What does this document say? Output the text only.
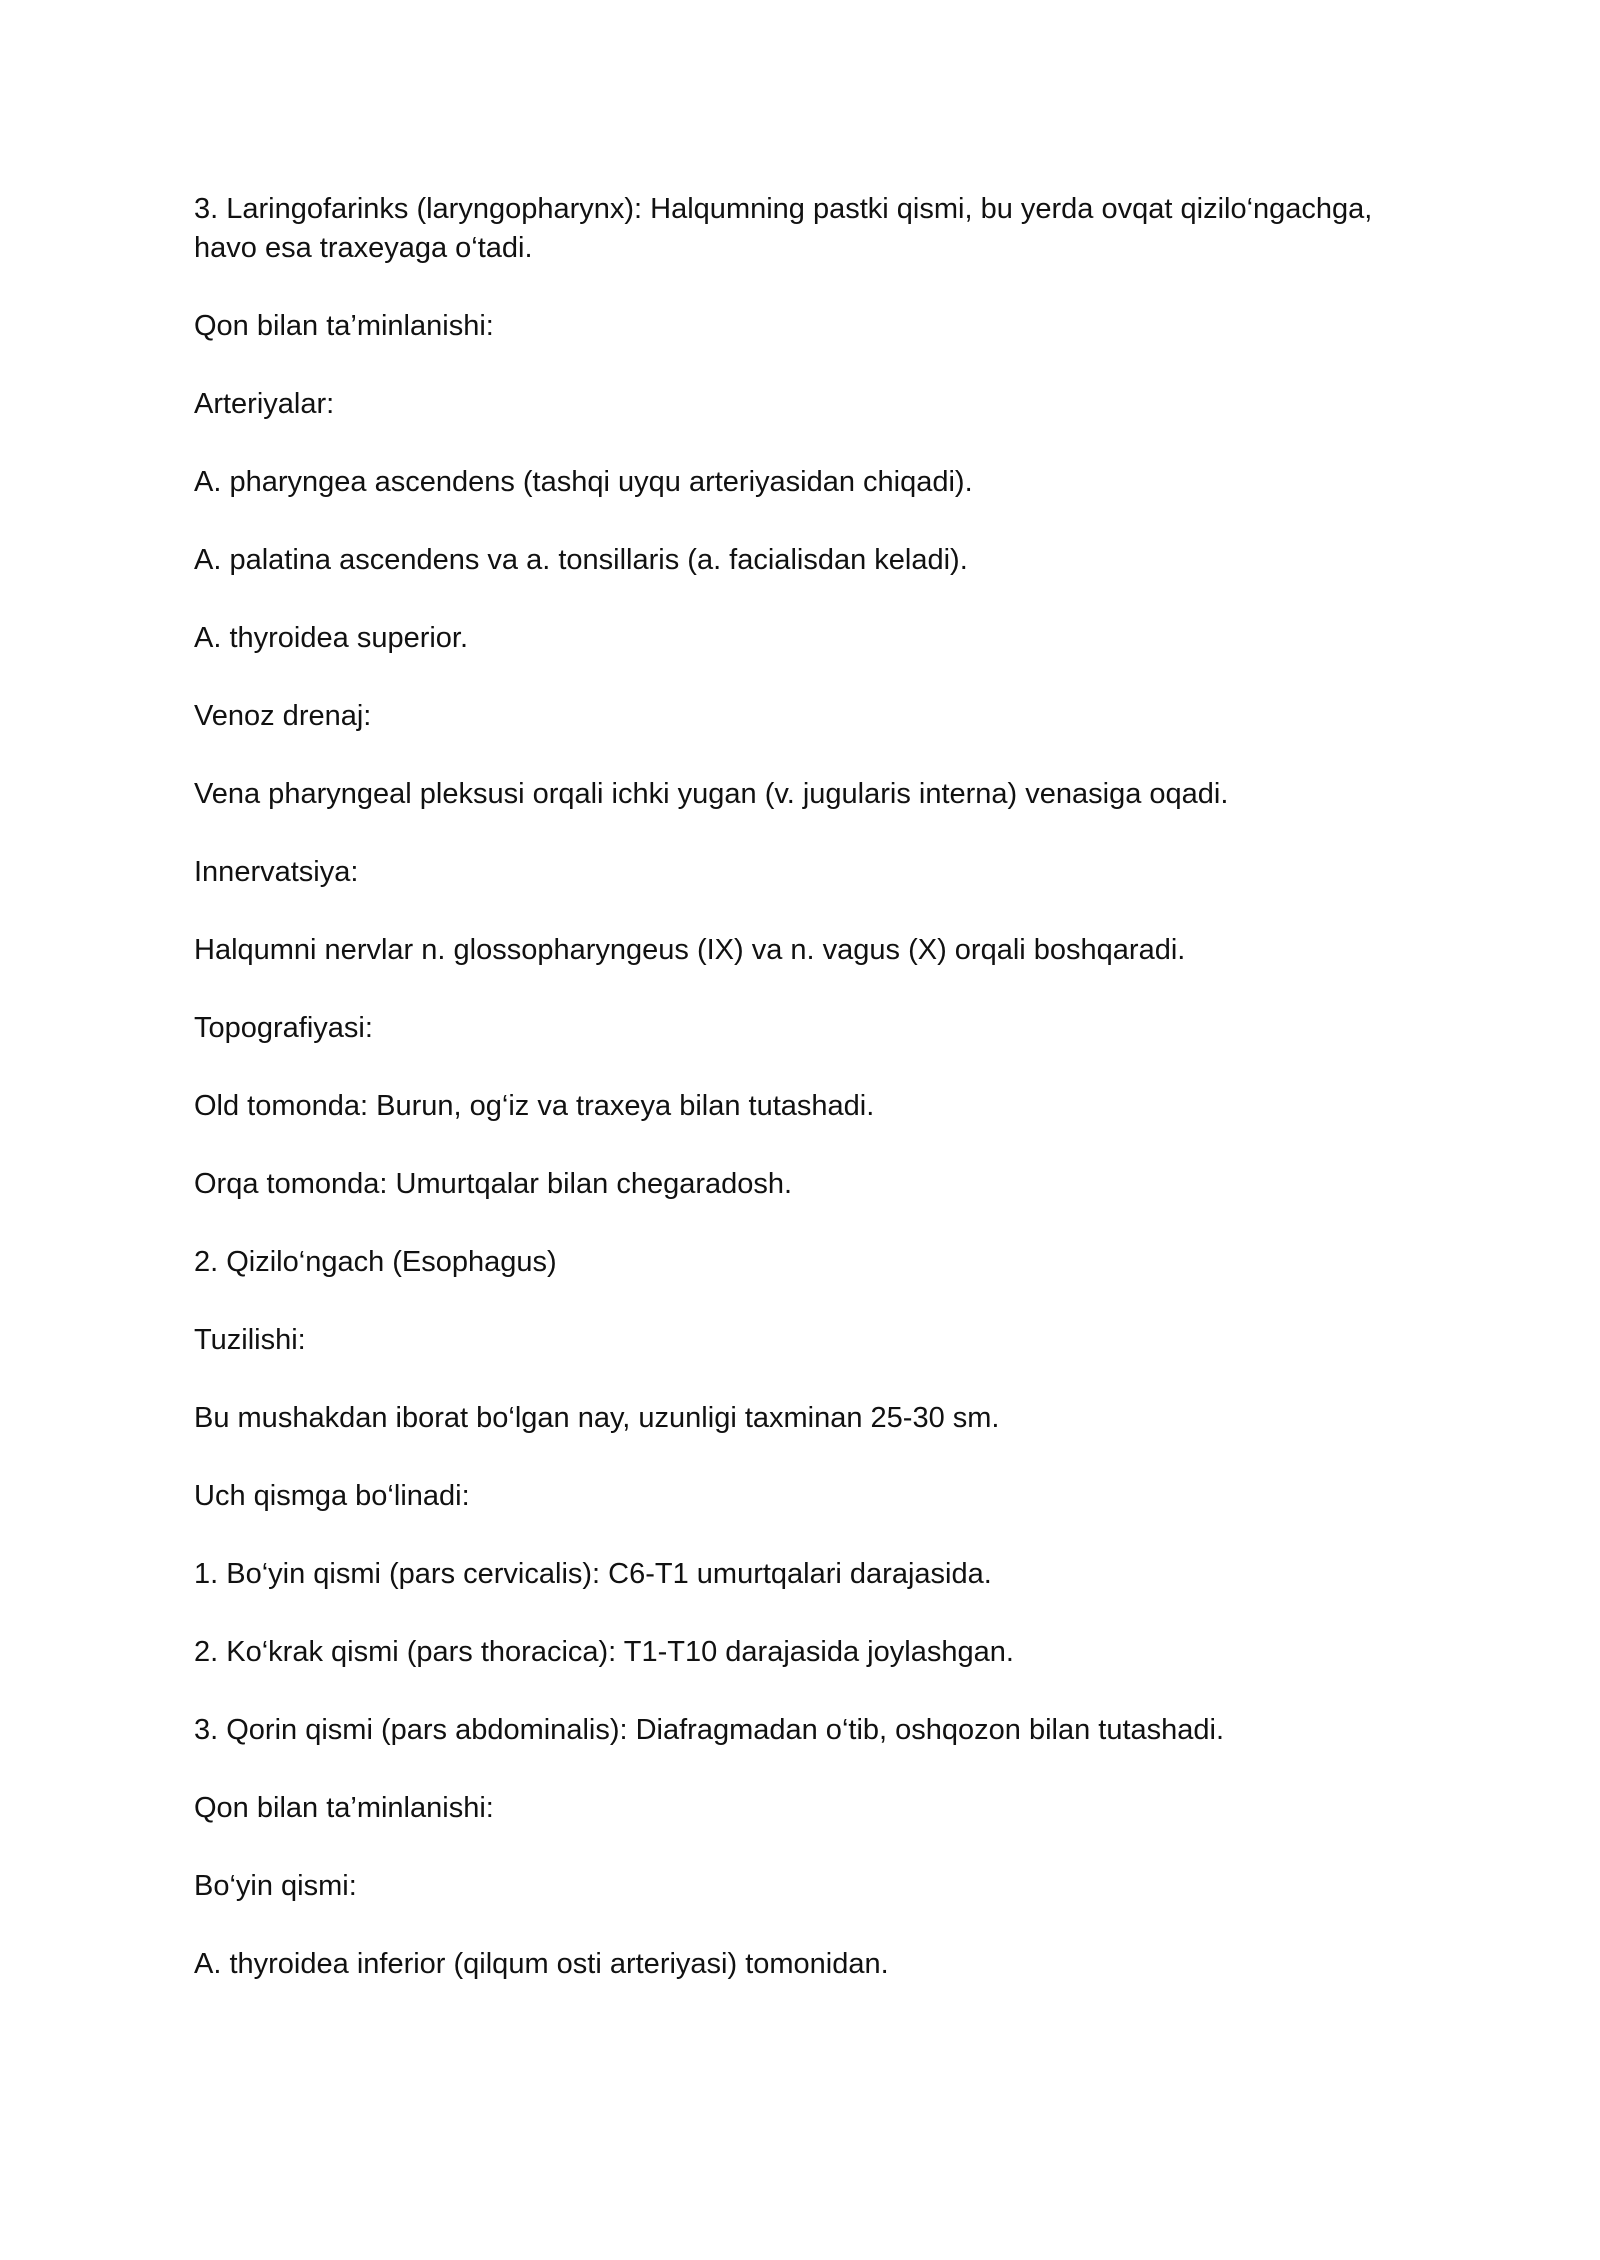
3. Laringofarinks (laryngopharynx): Halqumning pastki qismi, bu yerda ovqat qizilo‘ngachga, havo esa traxeyaga o‘tadi.

Qon bilan ta’minlanishi:

Arteriyalar:

A. pharyngea ascendens (tashqi uyqu arteriyasidan chiqadi).

A. palatina ascendens va a. tonsillaris (a. facialisdan keladi).

A. thyroidea superior.

Venoz drenaj:

Vena pharyngeal pleksusi orqali ichki yugan (v. jugularis interna) venasiga oqadi.

Innervatsiya:

Halqumni nervlar n. glossopharyngeus (IX) va n. vagus (X) orqali boshqaradi.

Topografiyasi:

Old tomonda: Burun, og‘iz va traxeya bilan tutashadi.

Orqa tomonda: Umurtqalar bilan chegaradosh.

2. Qizilo‘ngach (Esophagus)

Tuzilishi:

Bu mushakdan iborat bo‘lgan nay, uzunligi taxminan 25-30 sm.

Uch qismga bo‘linadi:

1. Bo‘yin qismi (pars cervicalis): C6-T1 umurtqalari darajasida.

2. Ko‘krak qismi (pars thoracica): T1-T10 darajasida joylashgan.

3. Qorin qismi (pars abdominalis): Diafragmadan o‘tib, oshqozon bilan tutashadi.

Qon bilan ta’minlanishi:

Bo‘yin qismi:

A. thyroidea inferior (qilqum osti arteriyasi) tomonidan.
